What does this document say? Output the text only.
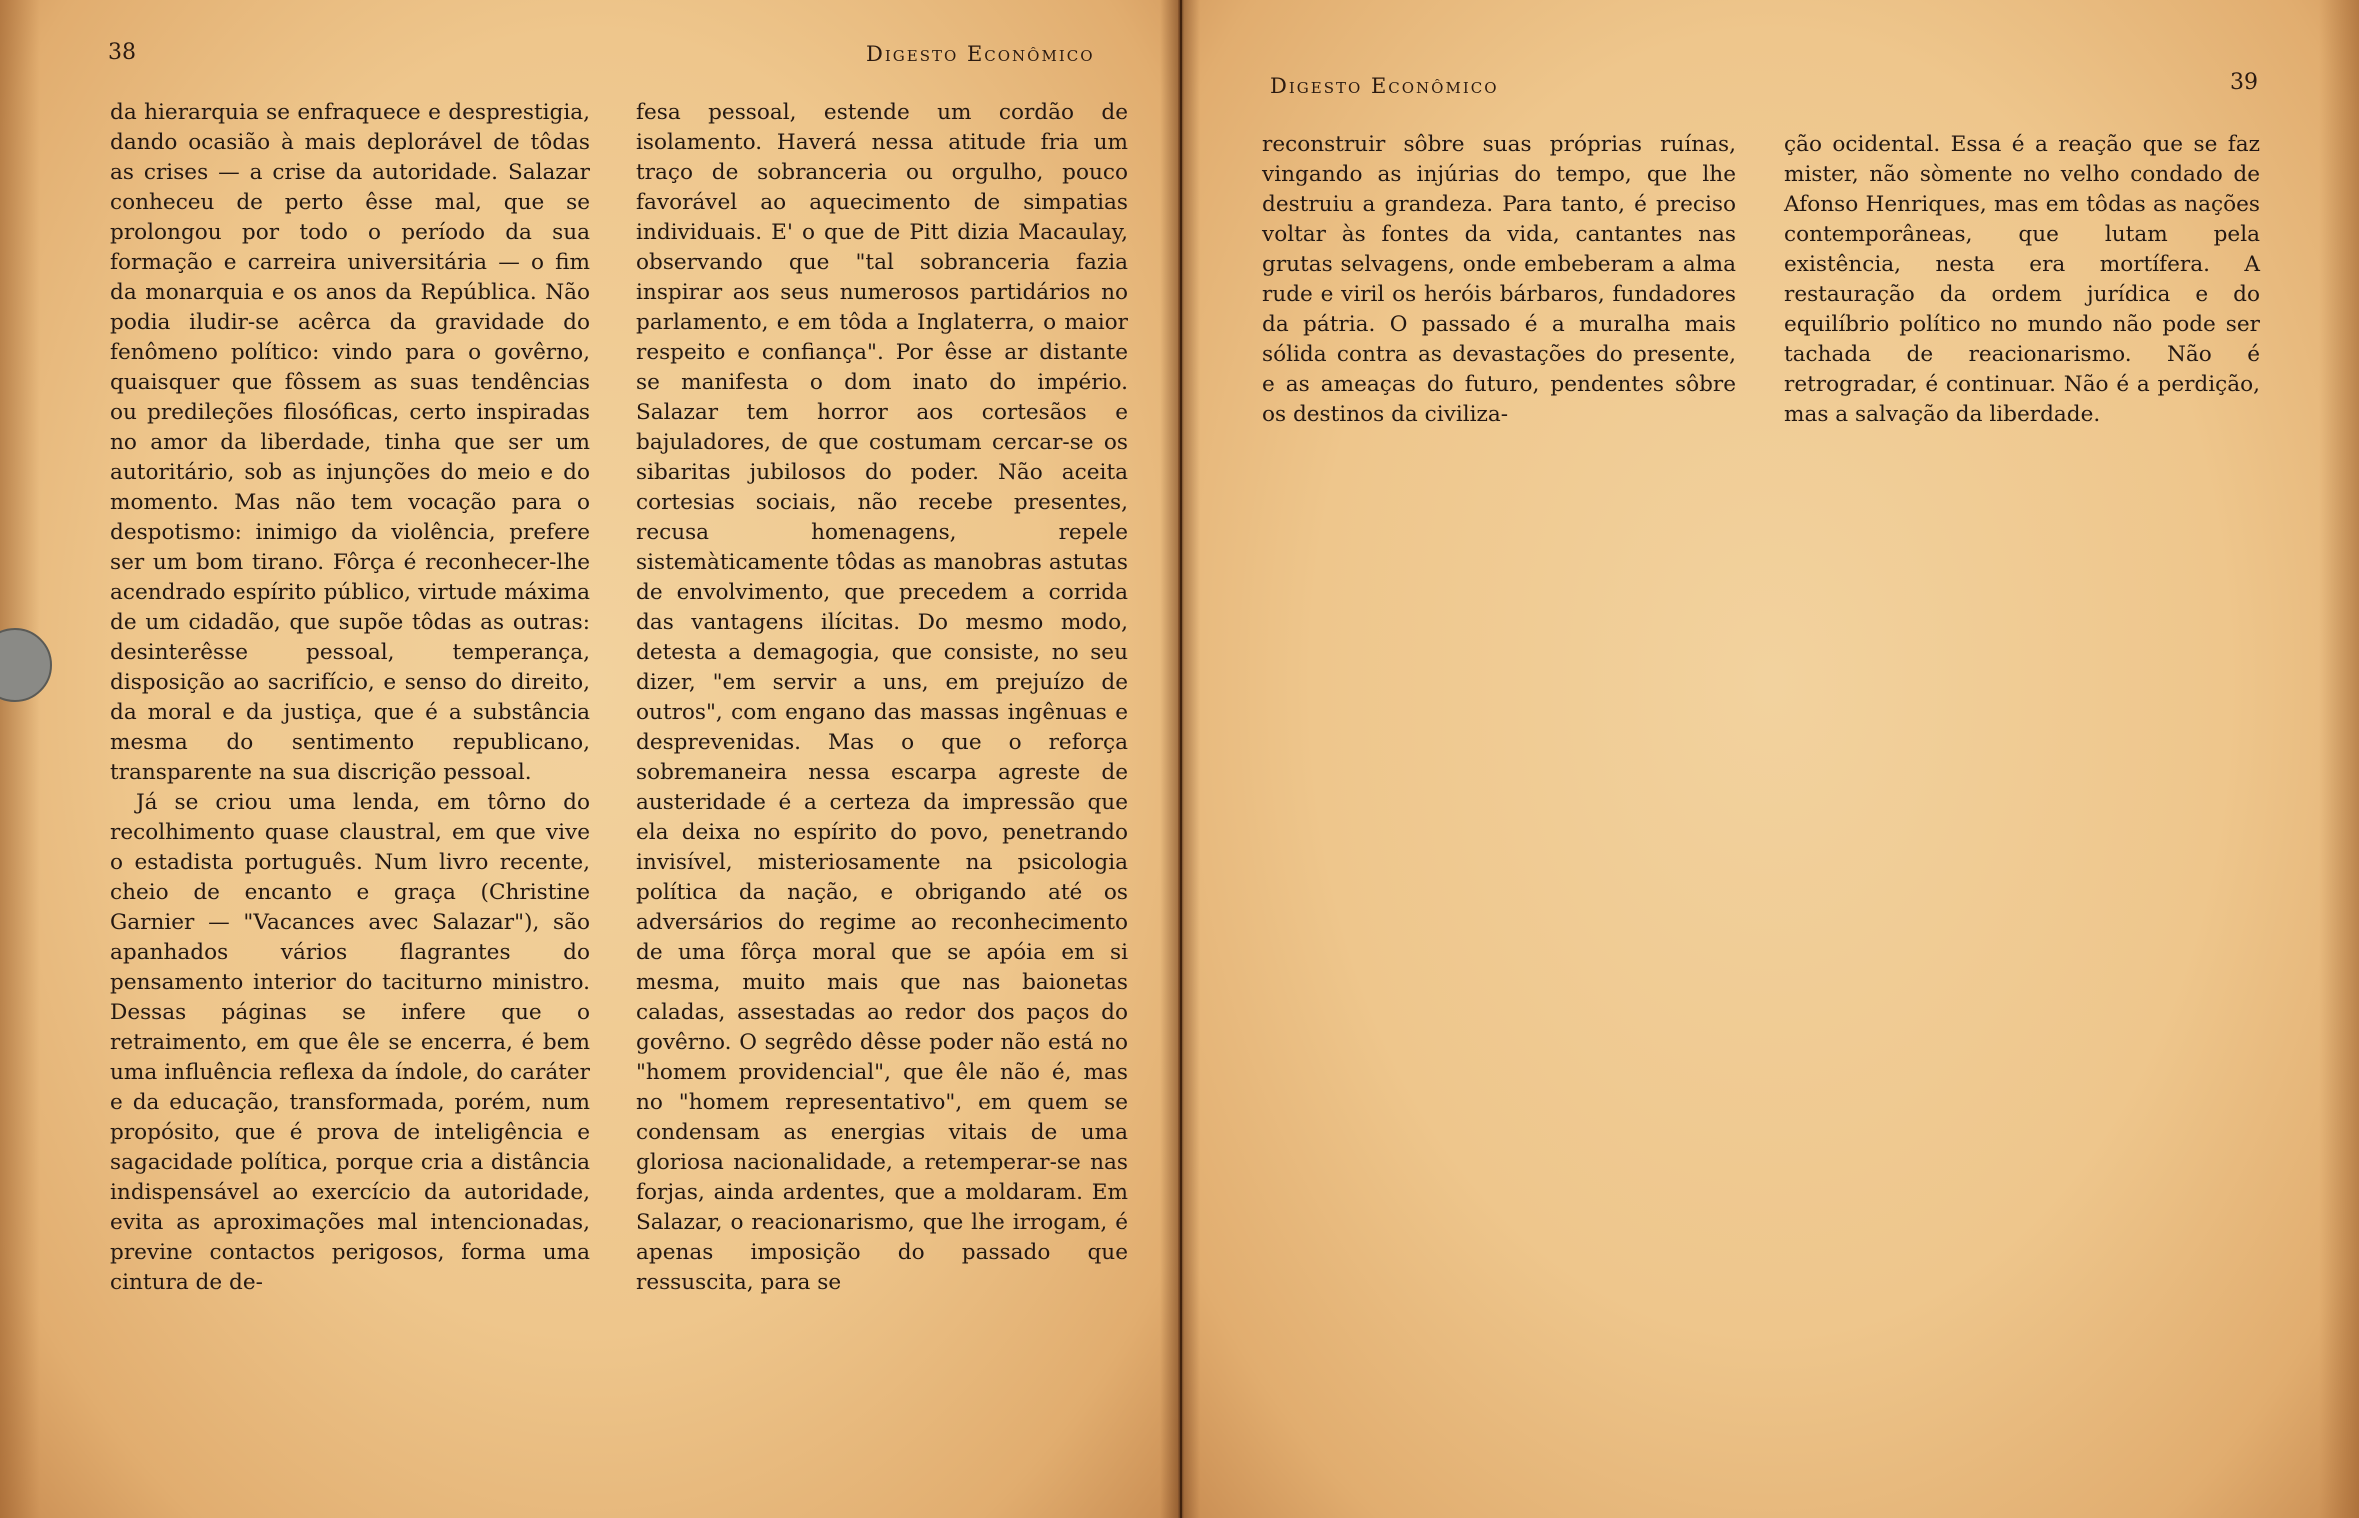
38	Digesto Econômico

da hierarquia se enfraquece e desprestigia, dando ocasião à mais deplorável de tôdas as crises — a crise da autoridade. Salazar conheceu de perto êsse mal, que se prolongou por todo o período da sua formação e carreira universitária — o fim da monarquia e os anos da República. Não podia iludir-se acêrca da gravidade do fenômeno político: vindo para o govêrno, quaisquer que fôssem as suas tendências ou predileções filosóficas, certo inspiradas no amor da liberdade, tinha que ser um autoritário, sob as injunções do meio e do momento. Mas não tem vocação para o despotismo: inimigo da violência, prefere ser um bom tirano. Fôrça é reconhecer-lhe acendrado espírito público, virtude máxima de um cidadão, que supõe tôdas as outras: desinterêsse pessoal, temperança, disposição ao sacrifício, e senso do direito, da moral e da justiça, que é a substância mesma do sentimento republicano, transparente na sua discrição pessoal.

Já se criou uma lenda, em tôrno do recolhimento quase claustral, em que vive o estadista português. Num livro recente, cheio de encanto e graça (Christine Garnier — "Vacances avec Salazar"), são apanhados vários flagrantes do pensamento interior do taciturno ministro. Dessas páginas se infere que o retraimento, em que êle se encerra, é bem uma influência reflexa da índole, do caráter e da educação, transformada, porém, num propósito, que é prova de inteligência e sagacidade política, porque cria a distância indispensável ao exercício da autoridade, evita as aproximações mal intencionadas, previne contactos perigosos, forma uma cintura de de-

fesa pessoal, estende um cordão de isolamento. Haverá nessa atitude fria um traço de sobranceria ou orgulho, pouco favorável ao aquecimento de simpatias individuais. E' o que de Pitt dizia Macaulay, observando que "tal sobranceria fazia inspirar aos seus numerosos partidários no parlamento, e em tôda a Inglaterra, o maior respeito e confiança". Por êsse ar distante se manifesta o dom inato do império. Salazar tem horror aos cortesãos e bajuladores, de que costumam cercar-se os sibaritas jubilosos do poder. Não aceita cortesias sociais, não recebe presentes, recusa homenagens, repele sistemàticamente tôdas as manobras astutas de envolvimento, que precedem a corrida das vantagens ilícitas. Do mesmo modo, detesta a demagogia, que consiste, no seu dizer, "em servir a uns, em prejuízo de outros", com engano das massas ingênuas e desprevenidas. Mas o que o reforça sobremaneira nessa escarpa agreste de austeridade é a certeza da impressão que ela deixa no espírito do povo, penetrando invisível, misteriosamente na psicologia política da nação, e obrigando até os adversários do regime ao reconhecimento de uma fôrça moral que se apóia em si mesma, muito mais que nas baionetas caladas, assestadas ao redor dos paços do govêrno. O segrêdo dêsse poder não está no "homem providencial", que êle não é, mas no "homem representativo", em quem se condensam as energias vitais de uma gloriosa nacionalidade, a retemperar-se nas forjas, ainda ardentes, que a moldaram. Em Salazar, o reacionarismo, que lhe irrogam, é apenas imposição do passado que ressuscita, para se

Digesto Econômico	39

reconstruir sôbre suas próprias ruínas, vingando as injúrias do tempo, que lhe destruiu a grandeza. Para tanto, é preciso voltar às fontes da vida, cantantes nas grutas selvagens, onde embeberam a alma rude e viril os heróis bárbaros, fundadores da pátria. O passado é a muralha mais sólida contra as devastações do presente, e as ameaças do futuro, pendentes sôbre os destinos da civiliza-

ção ocidental. Essa é a reação que se faz mister, não sòmente no velho condado de Afonso Henriques, mas em tôdas as nações contemporâneas, que lutam pela existência, nesta era mortífera. A restauração da ordem jurídica e do equilíbrio político no mundo não pode ser tachada de reacionarismo. Não é retrogradar, é continuar. Não é a perdição, mas a salvação da liberdade.
